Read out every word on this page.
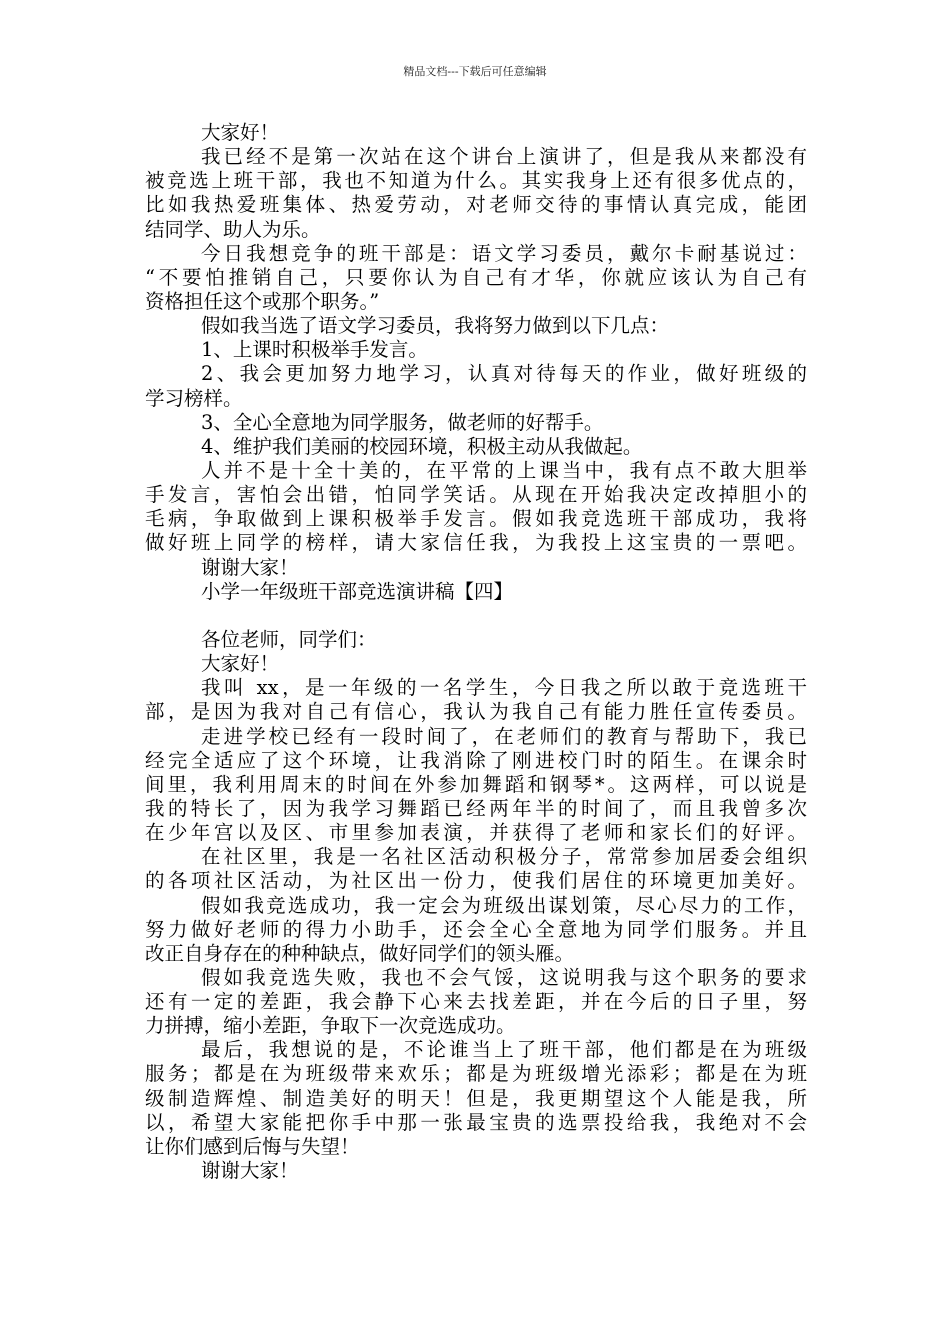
精品文档---下载后可任意编辑
大家好！
我已经不是第一次站在这个讲台上演讲了，但是我从来都没有
被竞选上班干部，我也不知道为什么。其实我身上还有很多优点的，
比如我热爱班集体、热爱劳动，对老师交待的事情认真完成，能团
结同学、助人为乐。
今日我想竞争的班干部是：语文学习委员，戴尔卡耐基说过：
“不要怕推销自己，只要你认为自己有才华，你就应该认为自己有
资格担任这个或那个职务。”
假如我当选了语文学习委员，我将努力做到以下几点：
1、上课时积极举手发言。
2、我会更加努力地学习，认真对待每天的作业，做好班级的
学习榜样。
3、全心全意地为同学服务，做老师的好帮手。
4、维护我们美丽的校园环境，积极主动从我做起。
人并不是十全十美的，在平常的上课当中，我有点不敢大胆举
手发言，害怕会出错，怕同学笑话。从现在开始我决定改掉胆小的
毛病，争取做到上课积极举手发言。假如我竞选班干部成功，我将
做好班上同学的榜样，请大家信任我，为我投上这宝贵的一票吧。
谢谢大家！
小学一年级班干部竞选演讲稿【四】
各位老师，同学们：
大家好！
我叫 xx，是一年级的一名学生，今日我之所以敢于竞选班干
部，是因为我对自己有信心，我认为我自己有能力胜任宣传委员。
走进学校已经有一段时间了，在老师们的教育与帮助下，我已
经完全适应了这个环境，让我消除了刚进校门时的陌生。在课余时
间里，我利用周末的时间在外参加舞蹈和钢琴*。这两样，可以说是
我的特长了，因为我学习舞蹈已经两年半的时间了，而且我曾多次
在少年宫以及区、市里参加表演，并获得了老师和家长们的好评。
在社区里，我是一名社区活动积极分子，常常参加居委会组织
的各项社区活动，为社区出一份力，使我们居住的环境更加美好。
假如我竞选成功，我一定会为班级出谋划策，尽心尽力的工作，
努力做好老师的得力小助手，还会全心全意地为同学们服务。并且
改正自身存在的种种缺点，做好同学们的领头雁。
假如我竞选失败，我也不会气馁，这说明我与这个职务的要求
还有一定的差距，我会静下心来去找差距，并在今后的日子里，努
力拼搏，缩小差距，争取下一次竞选成功。
最后，我想说的是，不论谁当上了班干部，他们都是在为班级
服务；都是在为班级带来欢乐；都是为班级增光添彩；都是在为班
级制造辉煌、制造美好的明天！但是，我更期望这个人能是我，所
以，希望大家能把你手中那一张最宝贵的选票投给我，我绝对不会
让你们感到后悔与失望！
谢谢大家！
